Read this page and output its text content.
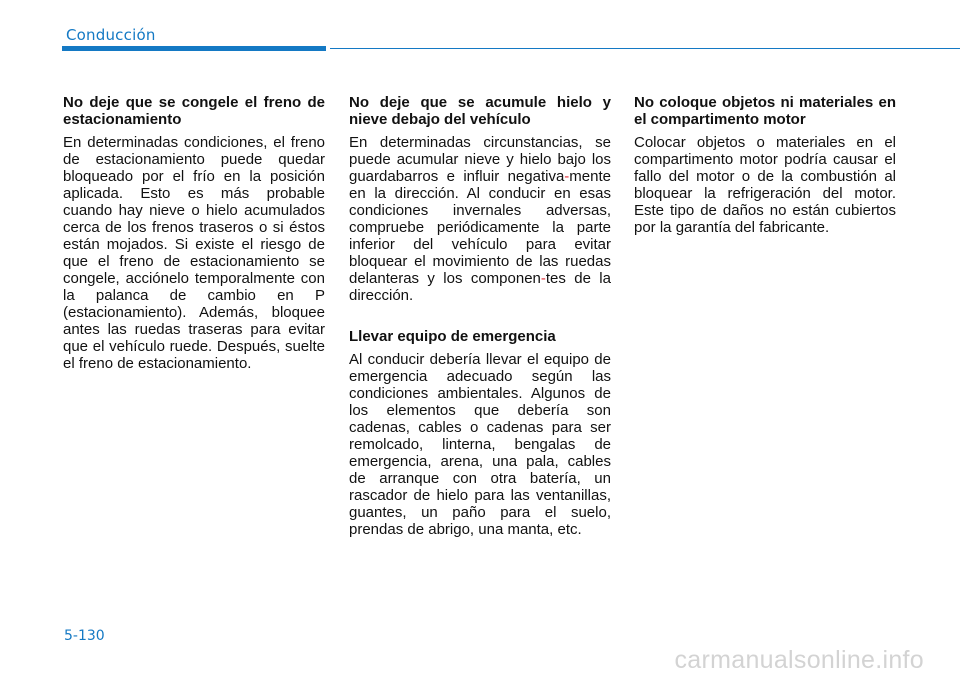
Conducción
No deje que se congele el freno de estacionamiento

En determinadas condiciones, el freno de estacionamiento puede quedar bloqueado por el frío en la posición aplicada. Esto es más probable cuando hay nieve o hielo acumulados cerca de los frenos traseros o si éstos están mojados. Si existe el riesgo de que el freno de estacionamiento se congele, acciónelo temporalmente con la palanca de cambio en P (estacionamiento). Además, bloquee antes las ruedas traseras para evitar que el vehículo ruede. Después, suelte el freno de estacionamiento.

No deje que se acumule hielo y nieve debajo del vehículo

En determinadas circunstancias, se puede acumular nieve y hielo bajo los guardabarros e influir negativa-mente en la dirección. Al conducir en esas condiciones invernales adversas, compruebe periódicamente la parte inferior del vehículo para evitar bloquear el movimiento de las ruedas delanteras y los componen-tes de la dirección.

Llevar equipo de emergencia

Al conducir debería llevar el equipo de emergencia adecuado según las condiciones ambientales. Algunos de los elementos que debería son cadenas, cables o cadenas para ser remolcado, linterna, bengalas de emergencia, arena, una pala, cables de arranque con otra batería, un rascador de hielo para las ventanillas, guantes, un paño para el suelo, prendas de abrigo, una manta, etc.

No coloque objetos ni materiales en el compartimento motor

Colocar objetos o materiales en el compartimento motor podría causar el fallo del motor o de la combustión al bloquear la refrigeración del motor. Este tipo de daños no están cubiertos por la garantía del fabricante.

5-130
carmanualsonline.info
